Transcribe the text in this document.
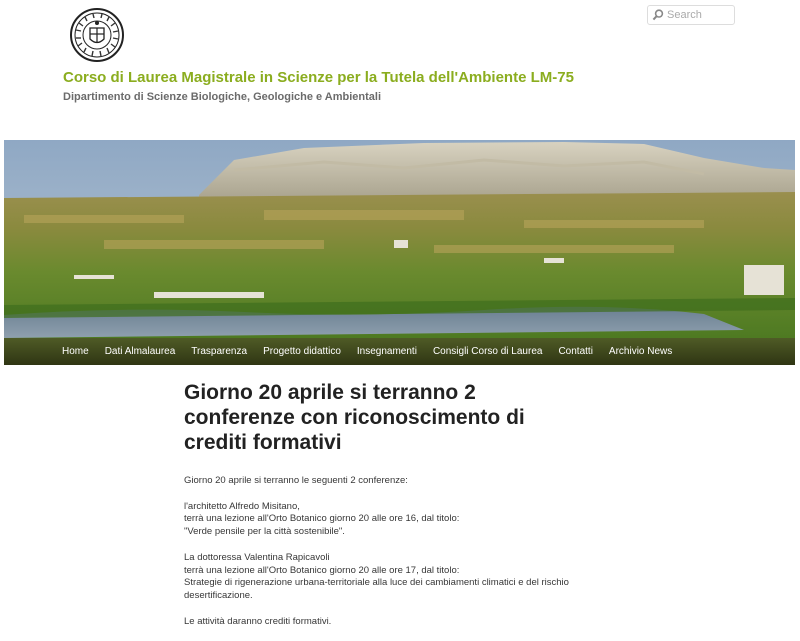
Search
Corso di Laurea Magistrale in Scienze per la Tutela dell'Ambiente LM-75
Dipartimento di Scienze Biologiche, Geologiche e Ambientali
Home	Dati Almalaurea	Trasparenza	Progetto didattico	Insegnamenti	Consigli Corso di Laurea	Contatti	Archivio News
Giorno 20 aprile si terranno 2 conferenze con riconoscimento di crediti formativi

Giorno 20 aprile si terranno le seguenti 2 conferenze:

l'architetto Alfredo Misitano,
terrà una lezione all'Orto Botanico giorno 20 alle ore 16, dal titolo:
"Verde pensile per la città sostenibile".

La dottoressa Valentina Rapicavoli
terrà una lezione all'Orto Botanico giorno 20 alle ore 17, dal titolo:
Strategie di rigenerazione urbana-territoriale alla luce dei cambiamenti climatici e del rischio desertificazione.

Le attività daranno crediti formativi.
